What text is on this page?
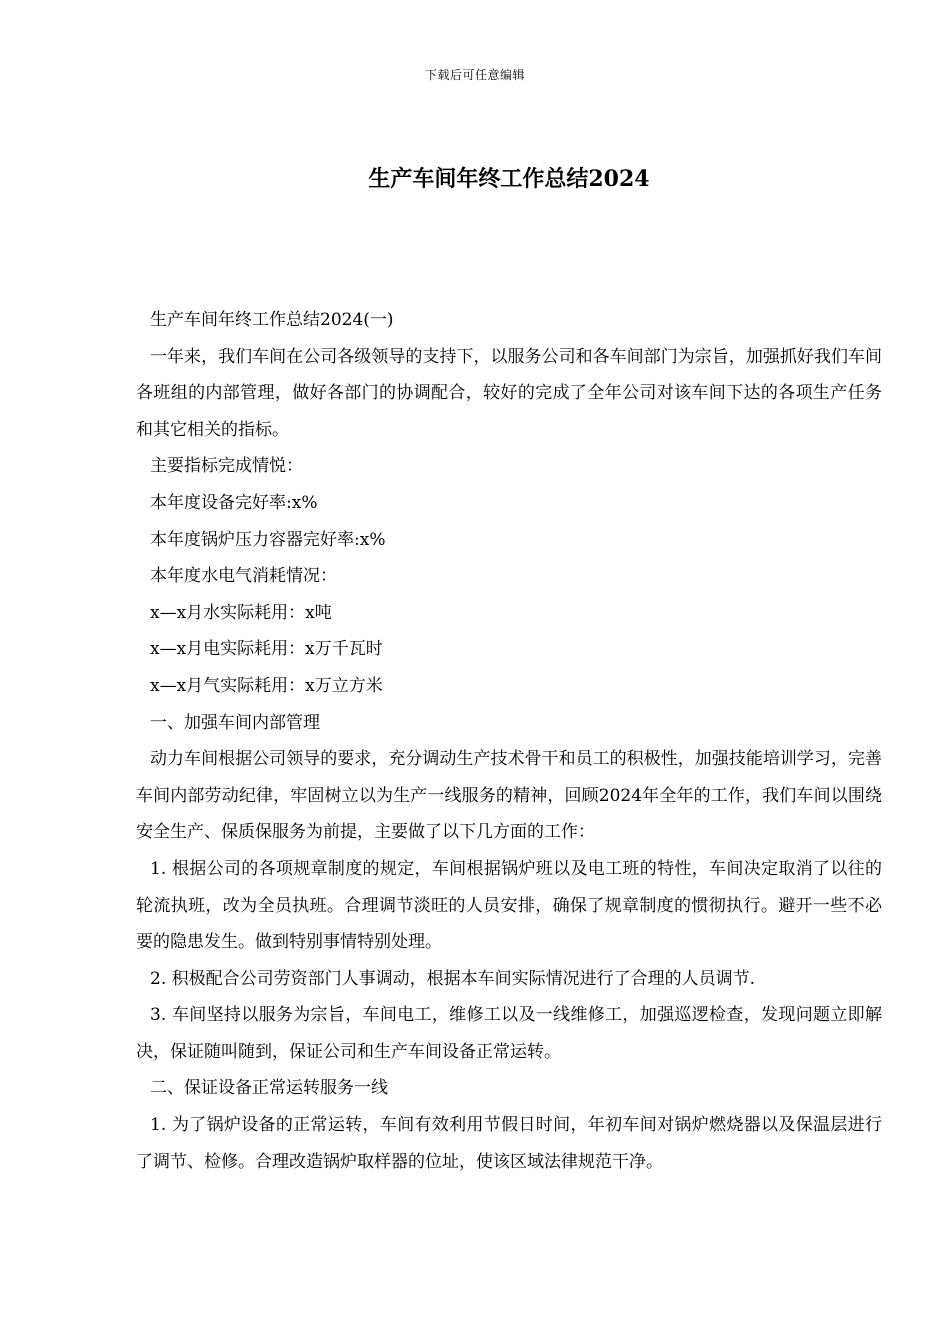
下载后可任意编辑
生产车间年终工作总结2024

生产车间年终工作总结2024(一)

一年来，我们车间在公司各级领导的支持下，以服务公司和各车间部门为宗旨，加强抓好我们车间各班组的内部管理，做好各部门的协调配合，较好的完成了全年公司对该车间下达的各项生产任务和其它相关的指标。

主要指标完成情悦：

本年度设备完好率:x%

本年度锅炉压力容器完好率:x%

本年度水电气消耗情况：

x—x月水实际耗用：x吨

x—x月电实际耗用：x万千瓦时

x—x月气实际耗用：x万立方米

一、加强车间内部管理

动力车间根据公司领导的要求，充分调动生产技术骨干和员工的积极性，加强技能培训学习，完善车间内部劳动纪律，牢固树立以为生产一线服务的精神，回顾2024年全年的工作，我们车间以围绕安全生产、保质保服务为前提，主要做了以下几方面的工作：

1. 根据公司的各项规章制度的规定，车间根据锅炉班以及电工班的特性，车间决定取消了以往的轮流执班，改为全员执班。合理调节淡旺的人员安排，确保了规章制度的惯彻执行。避开一些不必要的隐患发生。做到特别事情特别处理。

2. 积极配合公司劳资部门人事调动，根据本车间实际情况进行了合理的人员调节.

3. 车间坚持以服务为宗旨，车间电工，维修工以及一线维修工，加强巡逻检查，发现问题立即解决，保证随叫随到，保证公司和生产车间设备正常运转。

二、保证设备正常运转服务一线

1. 为了锅炉设备的正常运转，车间有效利用节假日时间，年初车间对锅炉燃烧器以及保温层进行了调节、检修。合理改造锅炉取样器的位址，使该区域法律规范干净。
